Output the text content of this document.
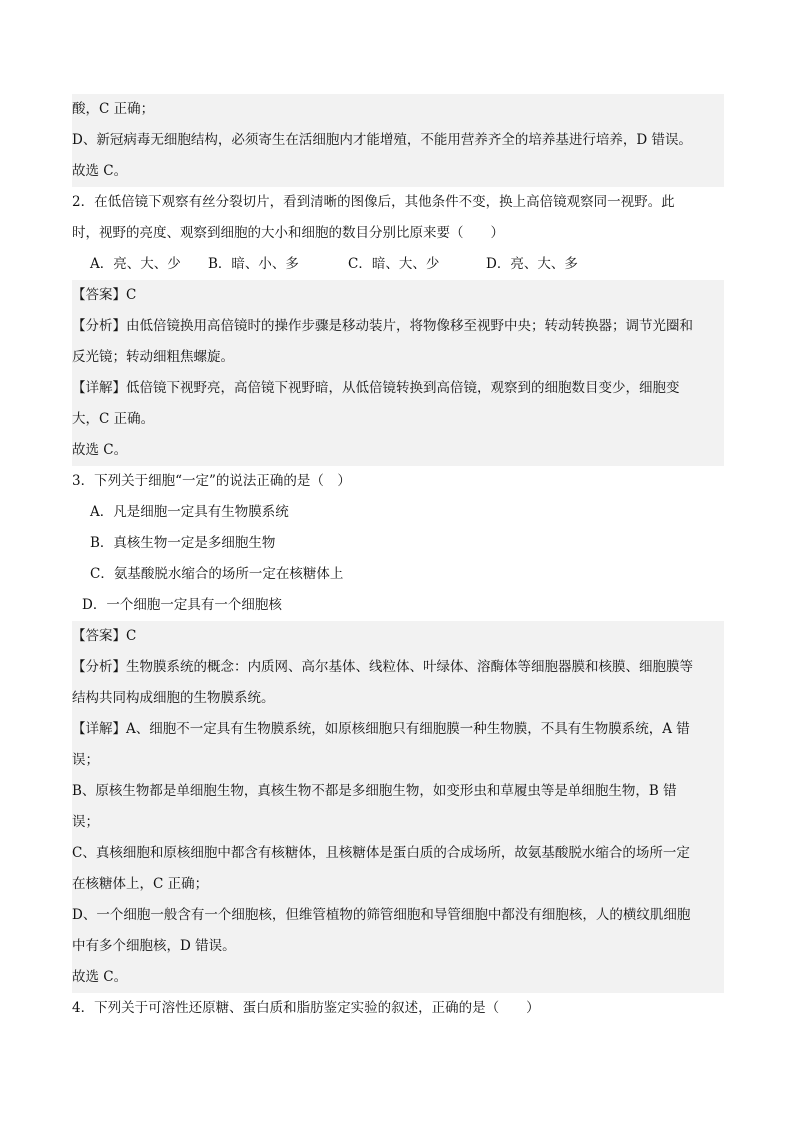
酸，C 正确；
D、新冠病毒无细胞结构，必须寄生在活细胞内才能增殖，不能用营养齐全的培养基进行培养，D 错误。
故选 C。
2．在低倍镜下观察有丝分裂切片，看到清晰的图像后，其他条件不变，换上高倍镜观察同一视野。此
时，视野的亮度、观察到细胞的大小和细胞的数目分别比原来要（　　）
A．亮、大、少 B．暗、小、多	C．暗、大、少	D．亮、大、多
【答案】C
【分析】由低倍镜换用高倍镜时的操作步骤是移动装片，将物像移至视野中央；转动转换器；调节光圈和
反光镜；转动细粗焦螺旋。
【详解】低倍镜下视野亮，高倍镜下视野暗，从低倍镜转换到高倍镜，观察到的细胞数目变少，细胞变
大，C 正确。
故选 C。
3．下列关于细胞“一定”的说法正确的是（　）
A．凡是细胞一定具有生物膜系统
B．真核生物一定是多细胞生物
C．氨基酸脱水缩合的场所一定在核糖体上
D．一个细胞一定具有一个细胞核
【答案】C
【分析】生物膜系统的概念：内质网、高尔基体、线粒体、叶绿体、溶酶体等细胞器膜和核膜、细胞膜等
结构共同构成细胞的生物膜系统。
【详解】A、细胞不一定具有生物膜系统，如原核细胞只有细胞膜一种生物膜，不具有生物膜系统，A 错
误；
B、原核生物都是单细胞生物，真核生物不都是多细胞生物，如变形虫和草履虫等是单细胞生物，B 错
误；
C、真核细胞和原核细胞中都含有核糖体，且核糖体是蛋白质的合成场所，故氨基酸脱水缩合的场所一定
在核糖体上，C 正确；
D、一个细胞一般含有一个细胞核，但维管植物的筛管细胞和导管细胞中都没有细胞核，人的横纹肌细胞
中有多个细胞核，D 错误。
故选 C。
4．下列关于可溶性还原糖、蛋白质和脂肪鉴定实验的叙述，正确的是（　　）
